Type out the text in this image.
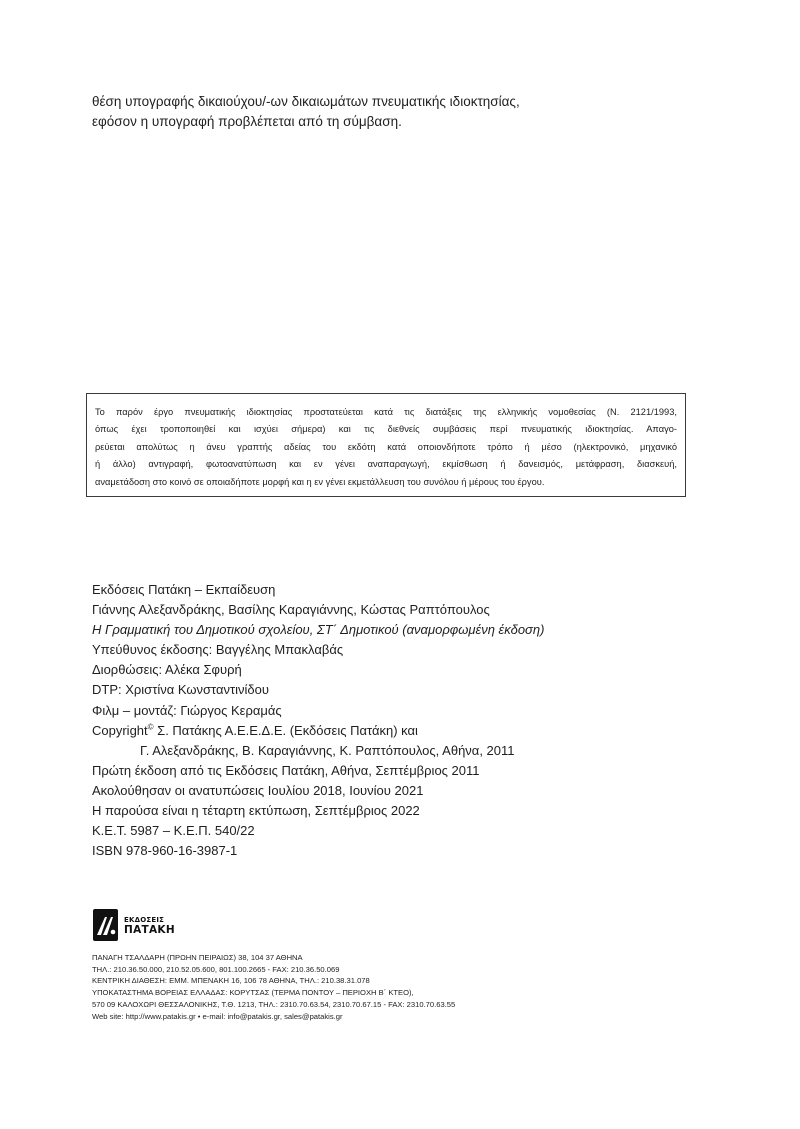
θέση υπογραφής δικαιούχου/-ων δικαιωμάτων πνευματικής ιδιοκτησίας,
εφόσον η υπογραφή προβλέπεται από τη σύμβαση.
Το παρόν έργο πνευματικής ιδιοκτησίας προστατεύεται κατά τις διατάξεις της ελληνικής νομοθεσίας (Ν. 2121/1993,
όπως έχει τροποποιηθεί και ισχύει σήμερα) και τις διεθνείς συμβάσεις περί πνευματικής ιδιοκτησίας. Απαγο-
ρεύεται απολύτως η άνευ γραπτής αδείας του εκδότη κατά οποιονδήποτε τρόπο ή μέσο (ηλεκτρονικό, μηχανικό
ή άλλο) αντιγραφή, φωτοανατύπωση και εν γένει αναπαραγωγή, εκμίσθωση ή δανεισμός, μετάφραση, διασκευή,
αναμετάδοση στο κοινό σε οποιαδήποτε μορφή και η εν γένει εκμετάλλευση του συνόλου ή μέρους του έργου.
Εκδόσεις Πατάκη – Εκπαίδευση
Γιάννης Αλεξανδράκης, Βασίλης Καραγιάννης, Κώστας Ραπτόπουλος
Η Γραμματική του Δημοτικού σχολείου, ΣΤ΄ Δημοτικού (αναμορφωμένη έκδοση)
Υπεύθυνος έκδοσης: Βαγγέλης Μπακλαβάς
Διορθώσεις: Αλέκα Σφυρή
DTP: Χριστίνα Κωνσταντινίδου
Φιλμ – μοντάζ: Γιώργος Κεραμάς
Copyright© Σ. Πατάκης Α.Ε.Ε.Δ.Ε. (Εκδόσεις Πατάκη) και
Γ. Αλεξανδράκης, Β. Καραγιάννης, Κ. Ραπτόπουλος, Αθήνα, 2011
Πρώτη έκδοση από τις Εκδόσεις Πατάκη, Αθήνα, Σεπτέμβριος 2011
Ακολούθησαν οι ανατυπώσεις Ιουλίου 2018, Ιουνίου 2021
Η παρούσα είναι η τέταρτη εκτύπωση, Σεπτέμβριος 2022
Κ.Ε.Τ. 5987 – Κ.Ε.Π. 540/22
ISBN 978-960-16-3987-1
ΕΚΔΟΣΕΙΣ
ΠΑΤΑΚΗ
ΠΑΝΑΓΗ ΤΣΑΛΔΑΡΗ (ΠΡΩΗΝ ΠΕΙΡΑΙΩΣ) 38, 104 37 ΑΘΗΝΑ
ΤΗΛ.: 210.36.50.000, 210.52.05.600, 801.100.2665 - FAX: 210.36.50.069
ΚΕΝΤΡΙΚΗ ΔΙΑΘΕΣΗ: ΕΜΜ. ΜΠΕΝΑΚΗ 16, 106 78 ΑΘΗΝΑ, ΤΗΛ.: 210.38.31.078
ΥΠΟΚΑΤΑΣΤΗΜΑ ΒΟΡΕΙΑΣ ΕΛΛΑΔΑΣ: ΚΟΡΥΤΣΑΣ (ΤΕΡΜΑ ΠΟΝΤΟΥ – ΠΕΡΙΟΧΗ Β΄ ΚΤΕΟ),
570 09 ΚΑΛΟΧΩΡΙ ΘΕΣΣΑΛΟΝΙΚΗΣ, Τ.Θ. 1213, ΤΗΛ.: 2310.70.63.54, 2310.70.67.15 - FAX: 2310.70.63.55
Web site: http://www.patakis.gr • e-mail: info@patakis.gr, sales@patakis.gr
